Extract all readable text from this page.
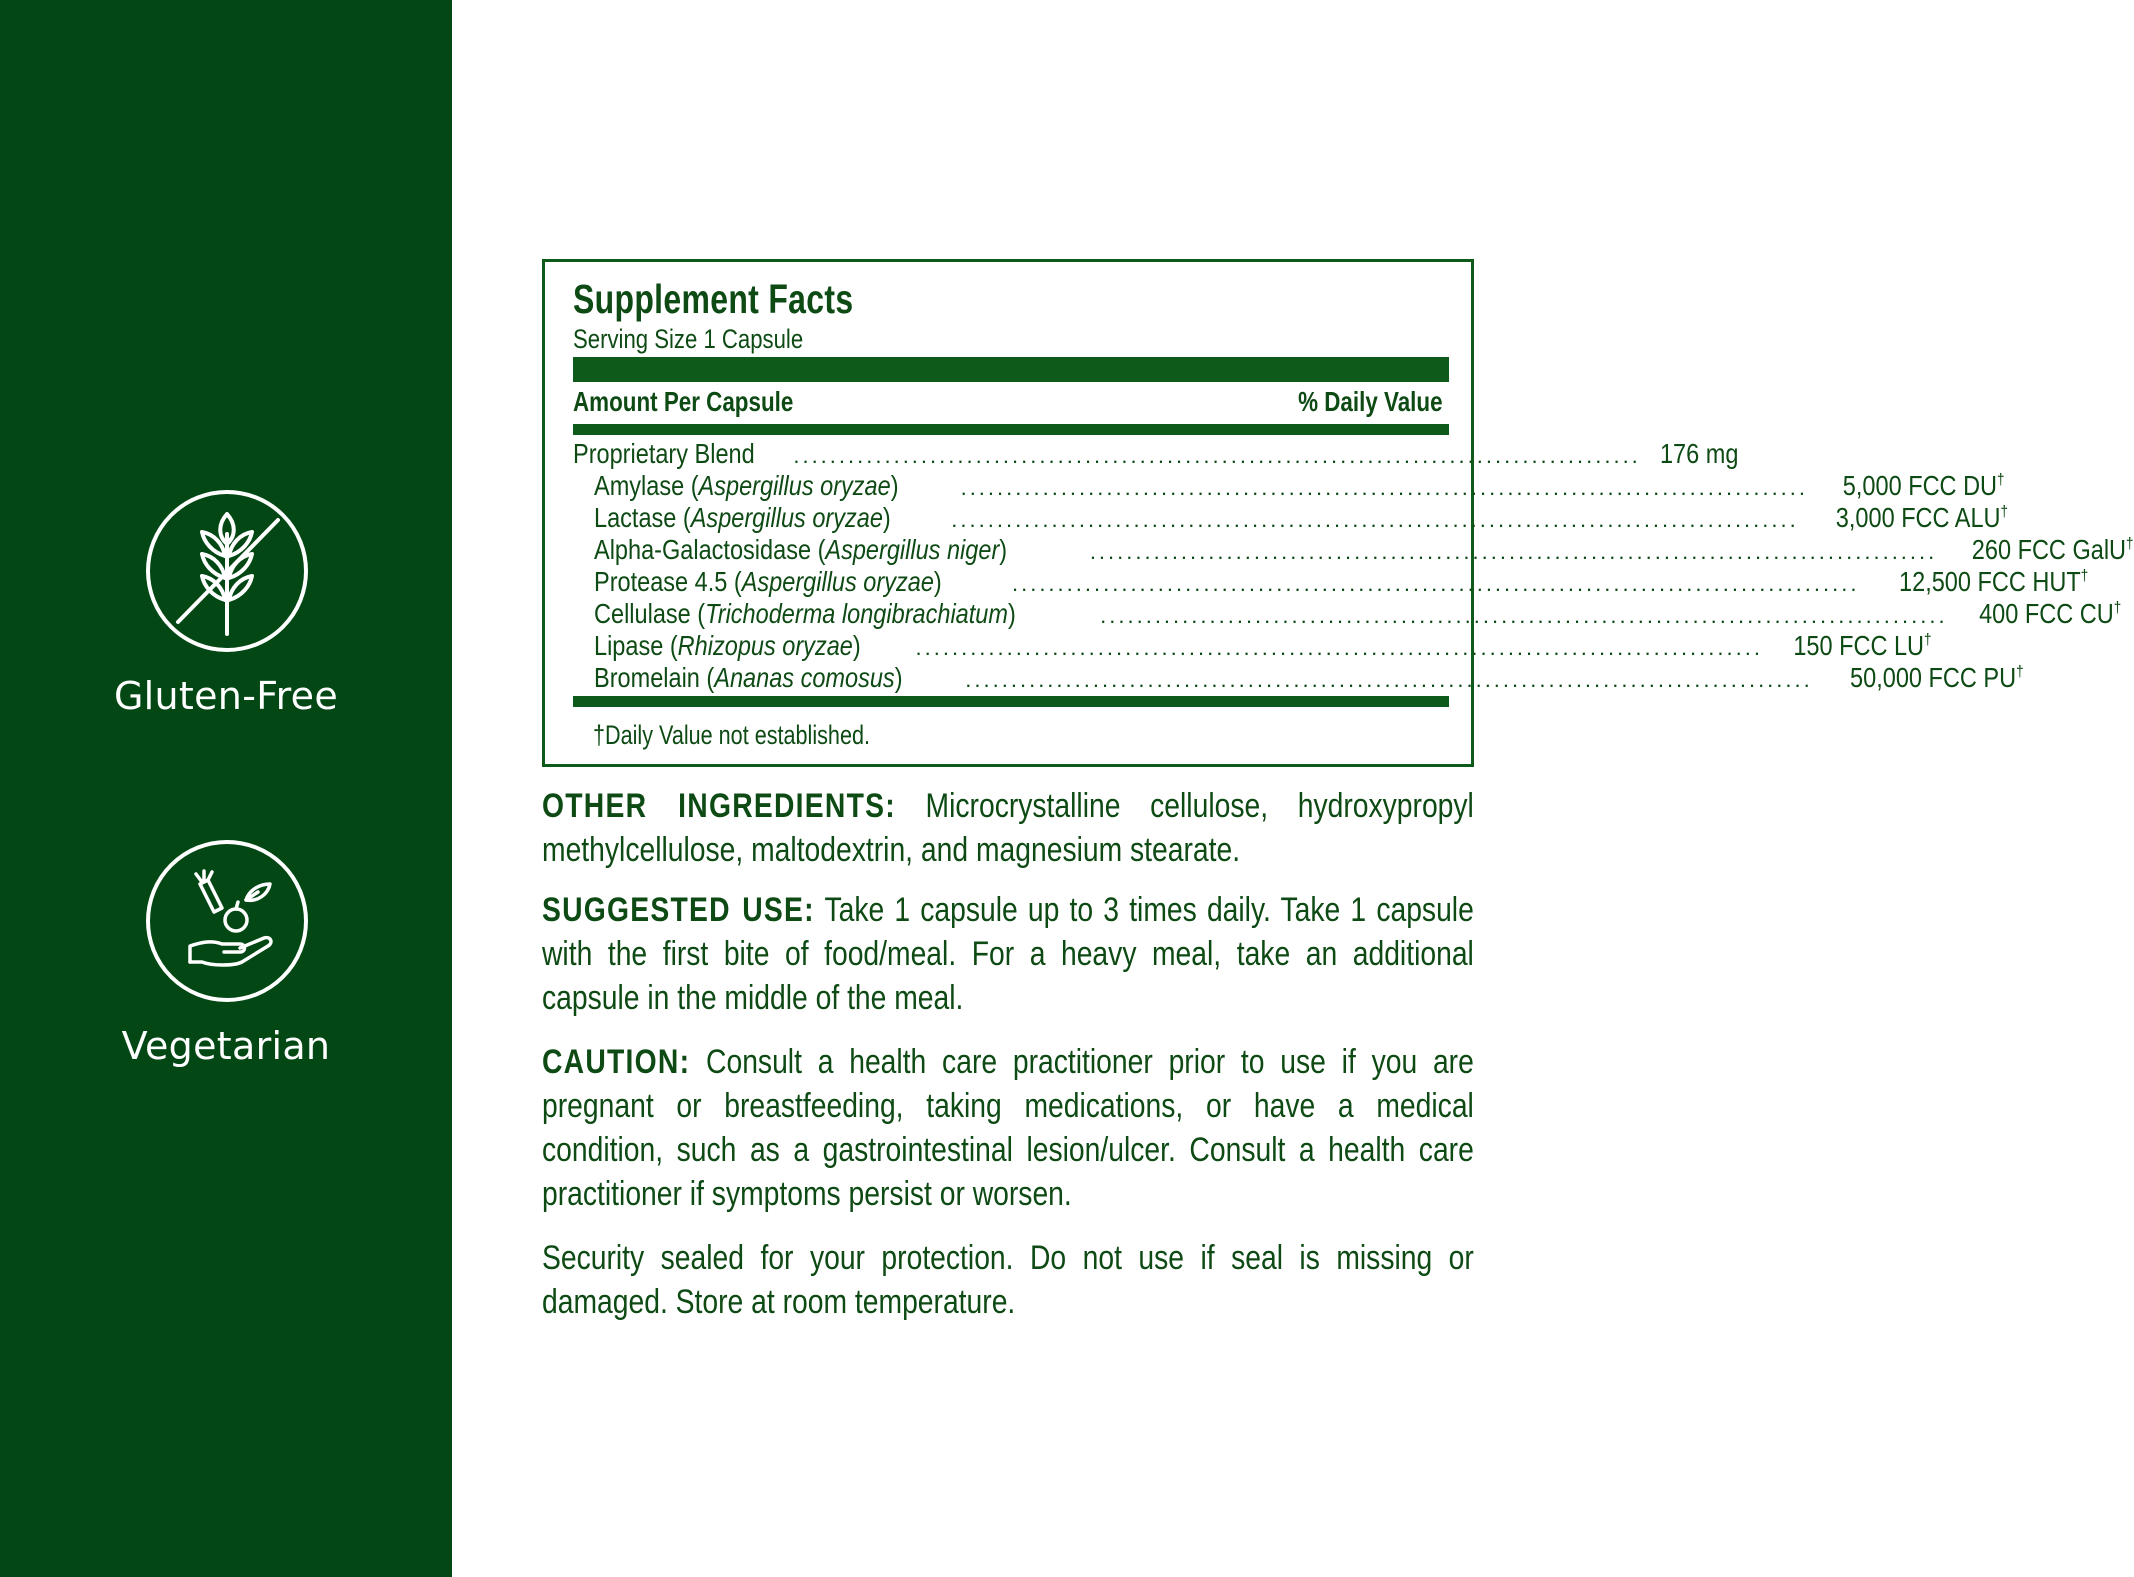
Gluten-Free
Vegetarian
Supplement Facts
Serving Size 1 Capsule
Amount Per Capsule	% Daily Value
Proprietary Blend ............................................................................................. 176 mg
Amylase (Aspergillus oryzae)	............................................................................................. 5,000 FCC DU†
Lactase (Aspergillus oryzae)	............................................................................................. 3,000 FCC ALU†
Alpha-Galactosidase (Aspergillus niger)	............................................................................................. 260 FCC GalU†
Protease 4.5 (Aspergillus oryzae)	............................................................................................. 12,500 FCC HUT†
Cellulase (Trichoderma longibrachiatum)	............................................................................................. 400 FCC CU†
Lipase (Rhizopus oryzae) ............................................................................................. 150 FCC LU†
Bromelain (Ananas comosus)	............................................................................................. 50,000 FCC PU†
†Daily Value not established.
OTHER INGREDIENTS: Microcrystalline cellulose, hydroxypropyl methylcellulose, maltodextrin, and magnesium stearate.
SUGGESTED USE: Take 1 capsule up to 3 times daily. Take 1 capsule with the first bite of food/meal. For a heavy meal, take an additional capsule in the middle of the meal.
CAUTION: Consult a health care practitioner prior to use if you are pregnant or breastfeeding, taking medications, or have a medical condition, such as a gastrointestinal lesion/ulcer. Consult a health care practitioner if symptoms persist or worsen.
Security sealed for your protection. Do not use if seal is missing or damaged. Store at room temperature.
